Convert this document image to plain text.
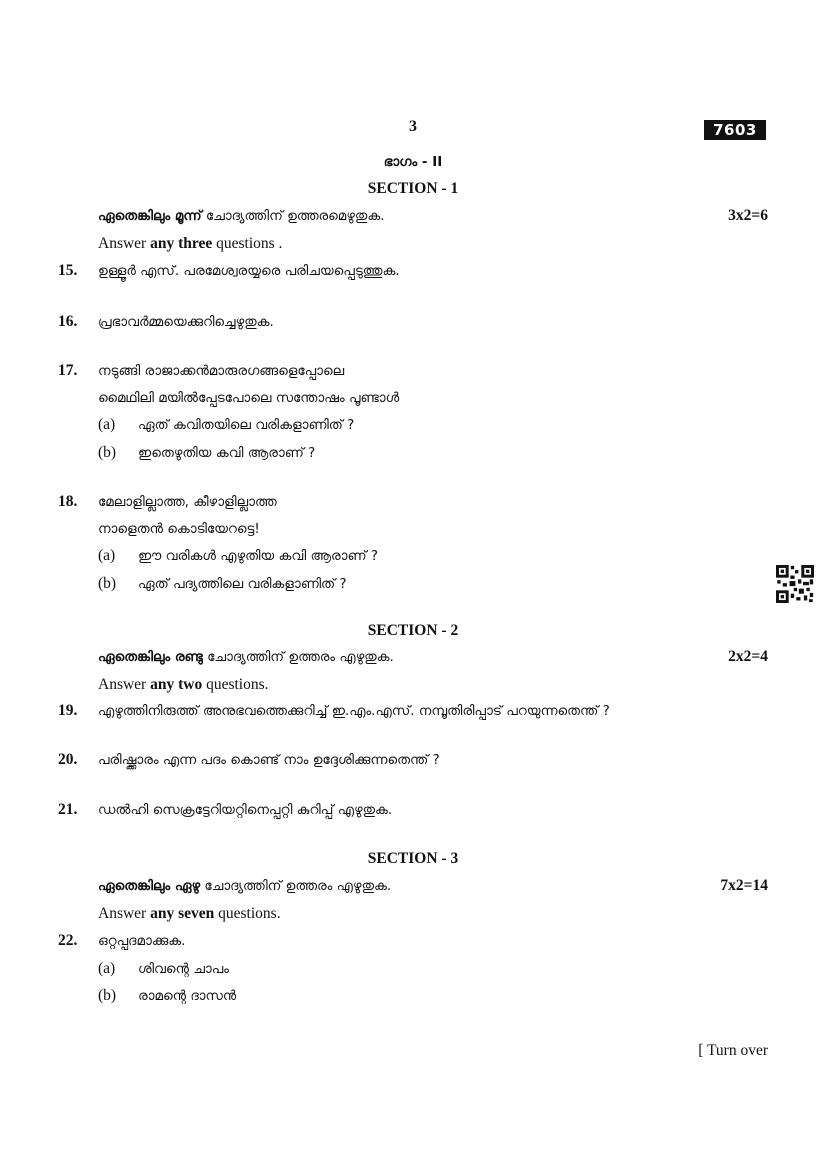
3	7603
ഭാഗം - II
SECTION - 1
ഏതെങ്കിലും മൂന്ന് ചോദ്യത്തിന് ഉത്തരമെഴുതുക.	3x2=6
Answer any three questions .
15. ഉള്ളൂർ എസ്. പരമേശ്വരയ്യരെ പരിചയപ്പെടുത്തുക.
16. പ്രഭാവർമ്മയെക്കുറിച്ചെഴുതുക.
17. നടുങ്ങി രാജാക്കൻമാരുരഗങ്ങളെപ്പോലെ
മൈഥിലി മയിൽപ്പേടപോലെ സന്തോഷം പൂണ്ടാൾ
(a) ഏത് കവിതയിലെ വരികളാണിത് ?
(b) ഇതെഴുതിയ കവി ആരാണ് ?
18. മേലാളില്ലാത്ത, കീഴാളില്ലാത്ത
നാളെതൻ കൊടിയേറട്ടെ!
(a) ഈ വരികൾ എഴുതിയ കവി ആരാണ് ?
(b) ഏത് പദ്യത്തിലെ വരികളാണിത് ?
SECTION - 2
ഏതെങ്കിലും രണ്ടു ചോദ്യത്തിന് ഉത്തരം എഴുതുക.	2x2=4
Answer any two questions.
19. എഴുത്തിനിരുത്ത് അനുഭവത്തെക്കുറിച്ച് ഇ.എം.എസ്. നമ്പൂതിരിപ്പാട് പറയുന്നതെന്ത് ?
20. പരിഷ്ക്കാരം എന്ന പദം കൊണ്ട് നാം ഉദ്ദേശിക്കുന്നതെന്ത് ?
21. ഡൽഹി സെക്രട്ടേറിയറ്റിനെപ്പറ്റി കുറിപ്പ് എഴുതുക.
SECTION - 3
ഏതെങ്കിലും ഏഴു ചോദ്യത്തിന് ഉത്തരം എഴുതുക.	7x2=14
Answer any seven questions.
22. ഒറ്റപ്പദമാക്കുക.
(a) ശിവന്റെ ചാപം
(b) രാമന്റെ ദാസൻ
[ Turn over
